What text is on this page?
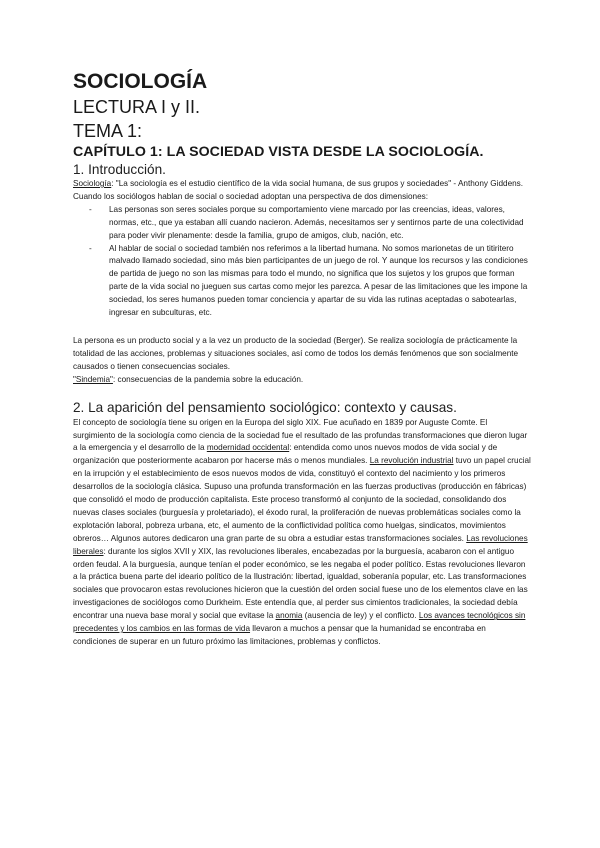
SOCIOLOGÍA
LECTURA I y II.
TEMA 1:
CAPÍTULO 1: LA SOCIEDAD VISTA DESDE LA SOCIOLOGÍA.
1. Introducción.

Sociología: "La sociología es el estudio científico de la vida social humana, de sus grupos y sociedades" - Anthony Giddens.

Cuando los sociólogos hablan de social o sociedad adoptan una perspectiva de dos dimensiones:

- Las personas son seres sociales porque su comportamiento viene marcado por las creencias, ideas, valores, normas, etc., que ya estaban allí cuando nacieron. Además, necesitamos ser y sentirnos parte de una colectividad para poder vivir plenamente: desde la familia, grupo de amigos, club, nación, etc.
- Al hablar de social o sociedad también nos referimos a la libertad humana. No somos marionetas de un titiritero malvado llamado sociedad, sino más bien participantes de un juego de rol. Y aunque los recursos y las condiciones de partida de juego no son las mismas para todo el mundo, no significa que los sujetos y los grupos que forman parte de la vida social no jueguen sus cartas como mejor les parezca. A pesar de las limitaciones que les impone la sociedad, los seres humanos pueden tomar conciencia y apartar de su vida las rutinas aceptadas o sabotearlas, ingresar en subculturas, etc.

La persona es un producto social y a la vez un producto de la sociedad (Berger). Se realiza sociología de prácticamente la totalidad de las acciones, problemas y situaciones sociales, así como de todos los demás fenómenos que son socialmente causados o tienen consecuencias sociales.

"Sindemia": consecuencias de la pandemia sobre la educación.

2. La aparición del pensamiento sociológico: contexto y causas.

El concepto de sociología tiene su origen en la Europa del siglo XIX. Fue acuñado en 1839 por Auguste Comte. El surgimiento de la sociología como ciencia de la sociedad fue el resultado de las profundas transformaciones que dieron lugar a la emergencia y el desarrollo de la modernidad occidental: entendida como unos nuevos modos de vida social y de organización que posteriormente acabaron por hacerse más o menos mundiales. La revolución industrial tuvo un papel crucial en la irrupción y el establecimiento de esos nuevos modos de vida, constituyó el contexto del nacimiento y los primeros desarrollos de la sociología clásica. Supuso una profunda transformación en las fuerzas productivas (producción en fábricas) que consolidó el modo de producción capitalista. Este proceso transformó al conjunto de la sociedad, consolidando dos nuevas clases sociales (burguesía y proletariado), el éxodo rural, la proliferación de nuevas problemáticas sociales como la explotación laboral, pobreza urbana, etc, el aumento de la conflictividad política como huelgas, sindicatos, movimientos obreros… Algunos autores dedicaron una gran parte de su obra a estudiar estas transformaciones sociales. Las revoluciones liberales: durante los siglos XVII y XIX, las revoluciones liberales, encabezadas por la burguesía, acabaron con el antiguo orden feudal. A la burguesía, aunque tenían el poder económico, se les negaba el poder político. Estas revoluciones llevaron a la práctica buena parte del ideario político de la Ilustración: libertad, igualdad, soberanía popular, etc. Las transformaciones sociales que provocaron estas revoluciones hicieron que la cuestión del orden social fuese uno de los elementos clave en las investigaciones de sociólogos como Durkheim. Este entendía que, al perder sus cimientos tradicionales, la sociedad debía encontrar una nueva base moral y social que evitase la anomia (ausencia de ley) y el conflicto. Los avances tecnológicos sin precedentes y los cambios en las formas de vida llevaron a muchos a pensar que la humanidad se encontraba en condiciones de superar en un futuro próximo las limitaciones, problemas y conflictos.
